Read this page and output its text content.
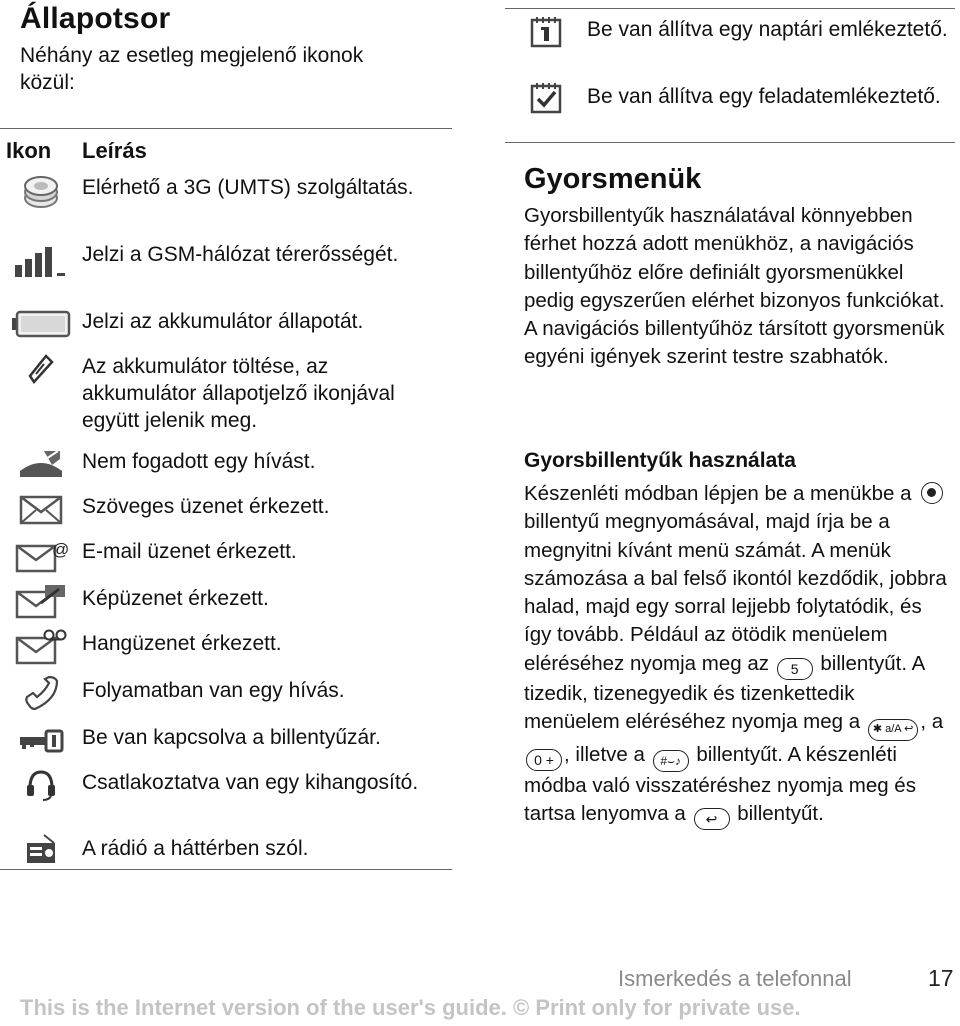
Állapotsor
Néhány az esetleg megjelenő ikonok közül:
Ikon Leírás
Elérhető a 3G (UMTS) szolgáltatás.
Jelzi a GSM-hálózat térerősségét.
Jelzi az akkumulátor állapotát.
Az akkumulátor töltése, az akkumulátor állapotjelző ikonjával együtt jelenik meg.
Nem fogadott egy hívást.
Szöveges üzenet érkezett.
@ E-mail üzenet érkezett.
Képüzenet érkezett.
Hangüzenet érkezett.
Folyamatban van egy hívás.
Be van kapcsolva a billentyűzár.
Csatlakoztatva van egy kihangosító.
A rádió a háttérben szól.
Be van állítva egy naptári emlékeztető.
Be van állítva egy feladatemlékeztető.
Gyorsmenük
Gyorsbillentyűk használatával könnyebben férhet hozzá adott menükhöz, a navigációs billentyűhöz előre definiált gyorsmenükkel pedig egyszerűen elérhet bizonyos funkciókat. A navigációs billentyűhöz társított gyorsmenük egyéni igények szerint testre szabhatók.
Gyorsbillentyűk használata
Készenléti módban lépjen be a menükbe a  billentyű megnyomásával, majd írja be a megnyitni kívánt menü számát. A menük számozása a bal felső ikontól kezdődik, jobbra halad, majd egy sorral lejjebb folytatódik, és így tovább. Például az ötödik menüelem eléréséhez nyomja meg az 5 billentyűt. A tizedik, tizenegyedik és tizenkettedik menüelem eléréséhez nyomja meg a ✱ a/A ↩ , a 0 + , illetve a #⌣♪ billentyűt. A készenléti módba való visszatéréshez nyomja meg és tartsa lenyomva a ↩ billentyűt.
Ismerkedés a telefonnal	17
This is the Internet version of the user's guide. © Print only for private use.
